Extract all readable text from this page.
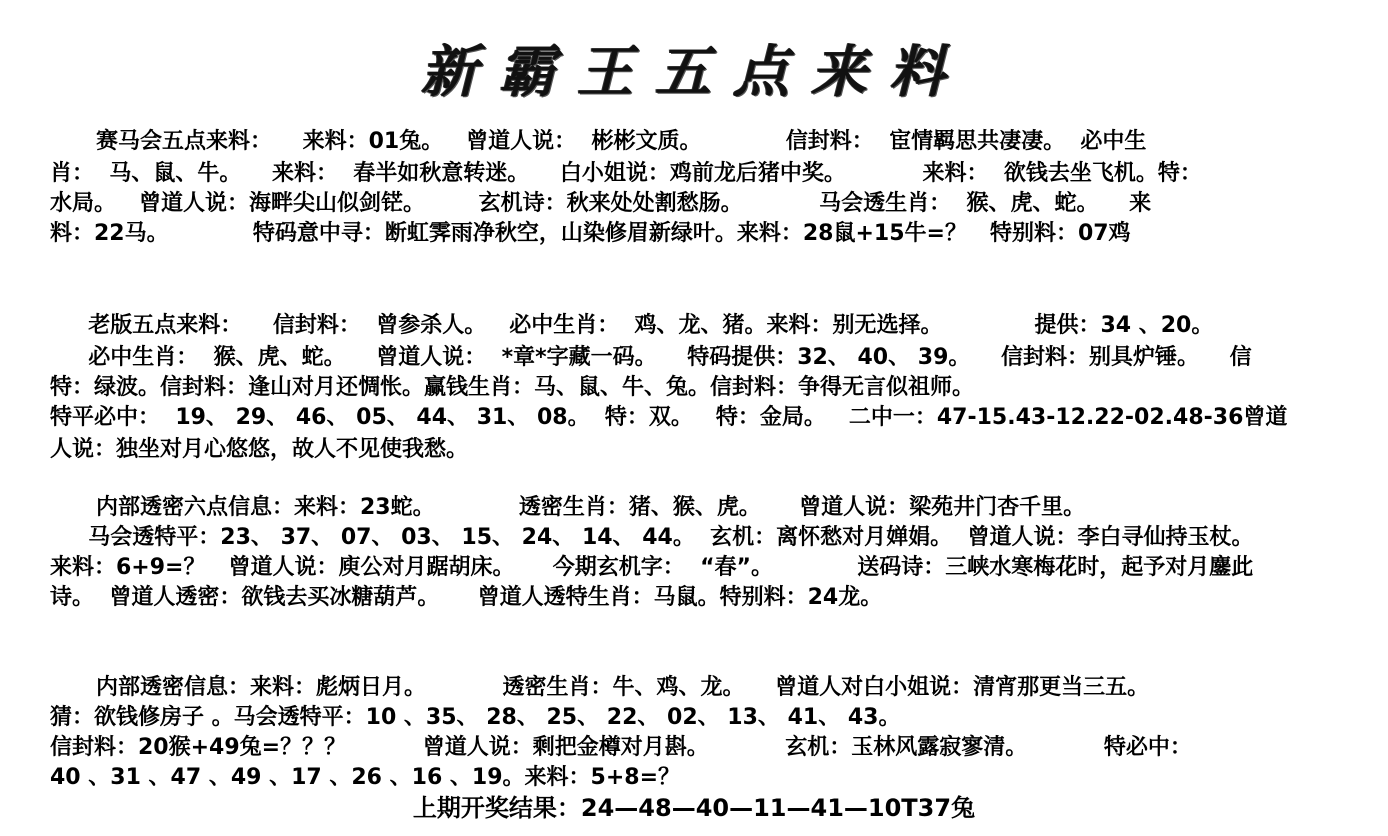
新霸王五点来料
赛马会五点来料：    来料：01兔。   曾道人说：  彬彬文质。           信封料：  宦情羁思共凄凄。  必中生
肖：  马、鼠、牛。    来料：  春半如秋意转迷。    白小姐说：鸡前龙后猪中奖。          来料：  欲钱去坐飞机。特：
水局。   曾道人说：海畔尖山似剑铓。       玄机诗：秋来处处割愁肠。          马会透生肖：  猴、虎、蛇。    来
料：22马。           特码意中寻：断虹霁雨净秋空，山染修眉新绿叶。来料：28鼠+15牛=？   特别料：07鸡
老版五点来料：    信封料：  曾参杀人。   必中生肖：  鸡、龙、猪。来料：别无选择。            提供：34 、20。
必中生肖：  猴、虎、蛇。    曾道人说：  *章*字藏一码。    特码提供：32、 40、 39。    信封料：别具炉锤。    信
特：绿波。信封料：逢山对月还惆怅。赢钱生肖：马、鼠、牛、兔。信封料：争得无言似祖师。
特平必中：  19、 29、 46、 05、 44、 31、 08。  特：双。   特：金局。   二中一：47-15.43-12.22-02.48-36曾道
人说：独坐对月心悠悠，故人不见使我愁。
内部透密六点信息：来料：23蛇。           透密生肖：猪、猴、虎。     曾道人说：梁苑井门杏千里。
马会透特平：23、 37、 07、 03、 15、 24、 14、 44。  玄机：离怀愁对月婵娟。  曾道人说：李白寻仙持玉杖。
来料：6+9=？   曾道人说：庾公对月踞胡床。     今期玄机字：  “春”。           送码诗：三峡水寒梅花时，起予对月鏖此
诗。  曾道人透密：欲钱去买冰糖葫芦。     曾道人透特生肖：马鼠。特别料：24龙。
内部透密信息：来料：彪炳日月。          透密生肖：牛、鸡、龙。    曾道人对白小姐说：清宵那更当三五。
猜：欲钱修房子 。马会透特平：10 、35、 28、 25、 22、 02、 13、 41、 43。
信封料：20猴+49兔=？？？          曾道人说：剩把金樽对月斟。          玄机：玉林风露寂寥清。          特必中：
40 、31 、47 、49 、17 、26 、16 、19。来料：5+8=？
上期开奖结果：24—48—40—11—41—10T37兔
